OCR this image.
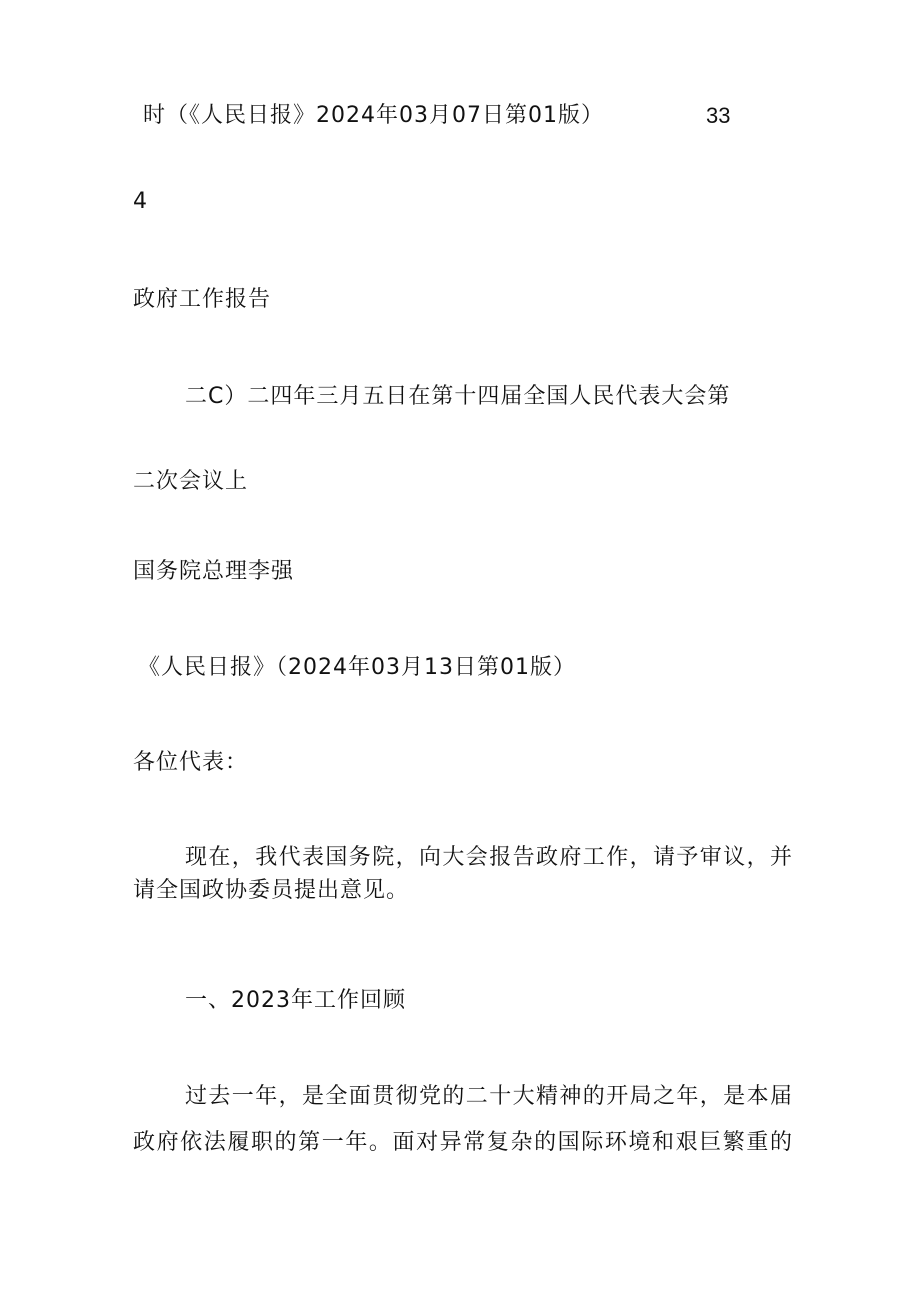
时（《人民日报》2024年03月07日第01版）	33
4
政府工作报告
二C）二四年三月五日在第十四届全国人民代表大会第
二次会议上
国务院总理李强
《人民日报》（2024年03月13日第01版）
各位代表：
现在，我代表国务院，向大会报告政府工作，请予审议，并
请全国政协委员提出意见。
一、2023年工作回顾
过去一年，是全面贯彻党的二十大精神的开局之年，是本届
政府依法履职的第一年。面对异常复杂的国际环境和艰巨繁重的
